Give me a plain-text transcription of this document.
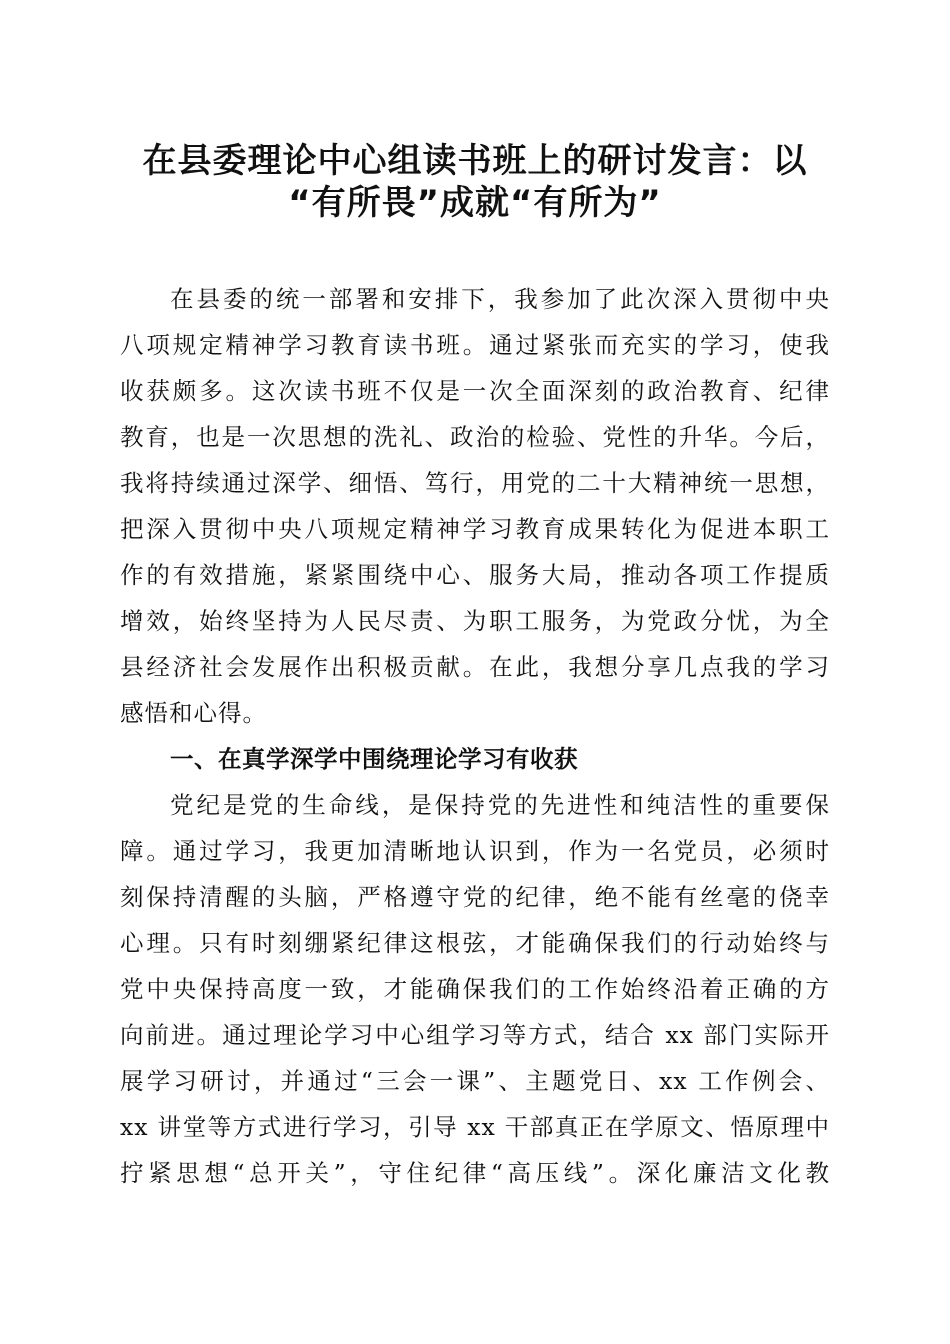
在县委理论中心组读书班上的研讨发言：以
“有所畏”成就“有所为”
在县委的统一部署和安排下，我参加了此次深入贯彻中央
八项规定精神学习教育读书班。通过紧张而充实的学习，使我
收获颇多。这次读书班不仅是一次全面深刻的政治教育、纪律
教育，也是一次思想的洗礼、政治的检验、党性的升华。今后，
我将持续通过深学、细悟、笃行，用党的二十大精神统一思想，
把深入贯彻中央八项规定精神学习教育成果转化为促进本职工
作的有效措施，紧紧围绕中心、服务大局，推动各项工作提质
增效，始终坚持为人民尽责、为职工服务，为党政分忧，为全
县经济社会发展作出积极贡献。在此，我想分享几点我的学习
感悟和心得。
一、在真学深学中围绕理论学习有收获
党纪是党的生命线，是保持党的先进性和纯洁性的重要保
障。通过学习，我更加清晰地认识到，作为一名党员，必须时
刻保持清醒的头脑，严格遵守党的纪律，绝不能有丝毫的侥幸
心理。只有时刻绷紧纪律这根弦，才能确保我们的行动始终与
党中央保持高度一致，才能确保我们的工作始终沿着正确的方
向前进。通过理论学习中心组学习等方式，结合 xx 部门实际开
展学习研讨，并通过“三会一课”、主题党日、xx 工作例会、
xx 讲堂等方式进行学习，引导 xx 干部真正在学原文、悟原理中
拧紧思想“总开关”，守住纪律“高压线”。深化廉洁文化教
